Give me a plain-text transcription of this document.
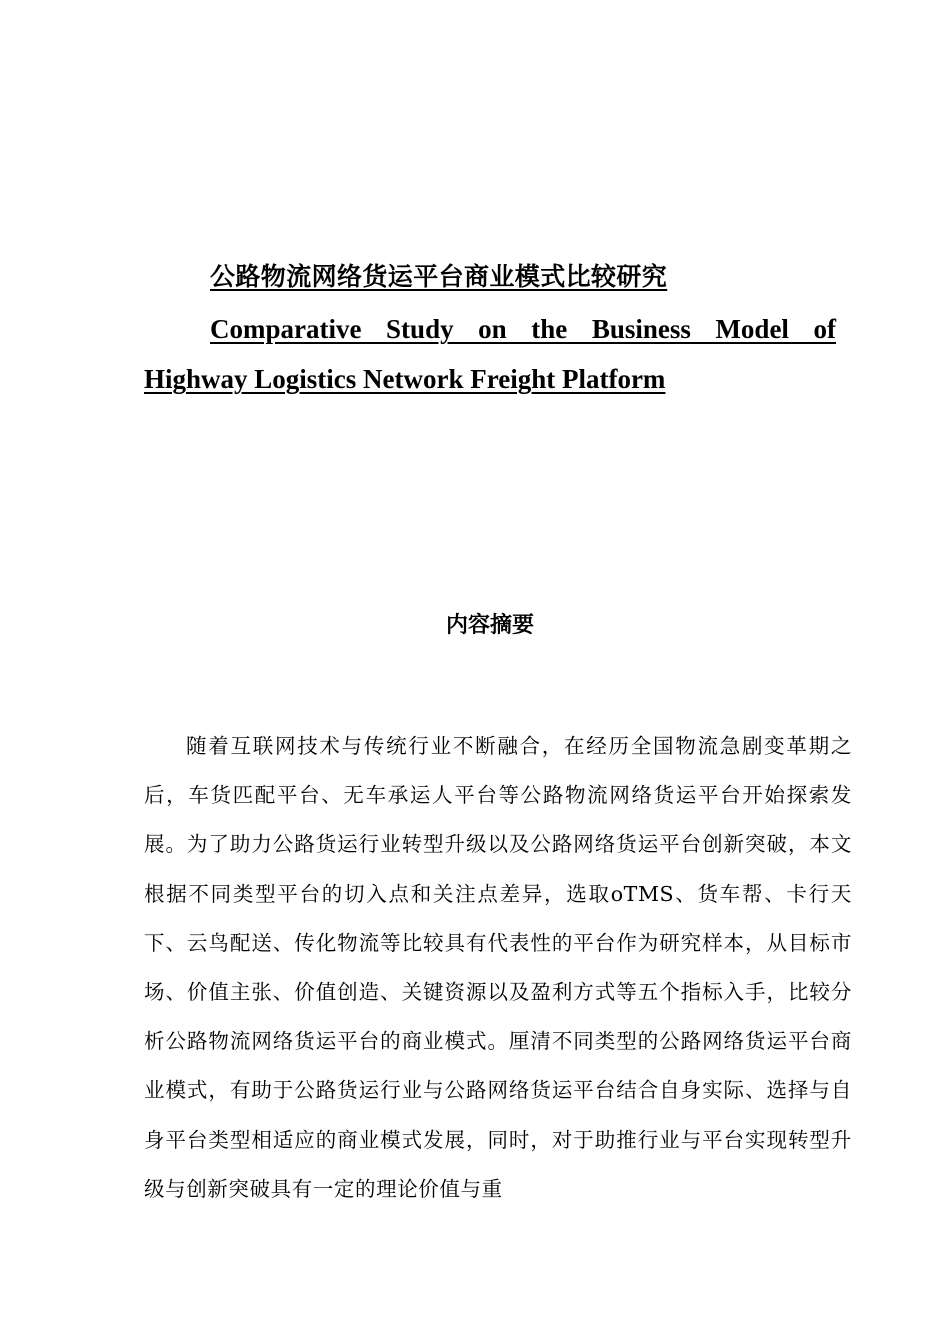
公路物流网络货运平台商业模式比较研究
Comparative Study on the Business Model of Highway Logistics Network Freight Platform
内容摘要

随着互联网技术与传统行业不断融合，在经历全国物流急剧变革期之后，车货匹配平台、无车承运人平台等公路物流网络货运平台开始探索发展。为了助力公路货运行业转型升级以及公路网络货运平台创新突破，本文根据不同类型平台的切入点和关注点差异，选取oTMS、货车帮、卡行天下、云鸟配送、传化物流等比较具有代表性的平台作为研究样本，从目标市场、价值主张、价值创造、关键资源以及盈利方式等五个指标入手，比较分析公路物流网络货运平台的商业模式。厘清不同类型的公路网络货运平台商业模式，有助于公路货运行业与公路网络货运平台结合自身实际、选择与自身平台类型相适应的商业模式发展，同时，对于助推行业与平台实现转型升级与创新突破具有一定的理论价值与重
